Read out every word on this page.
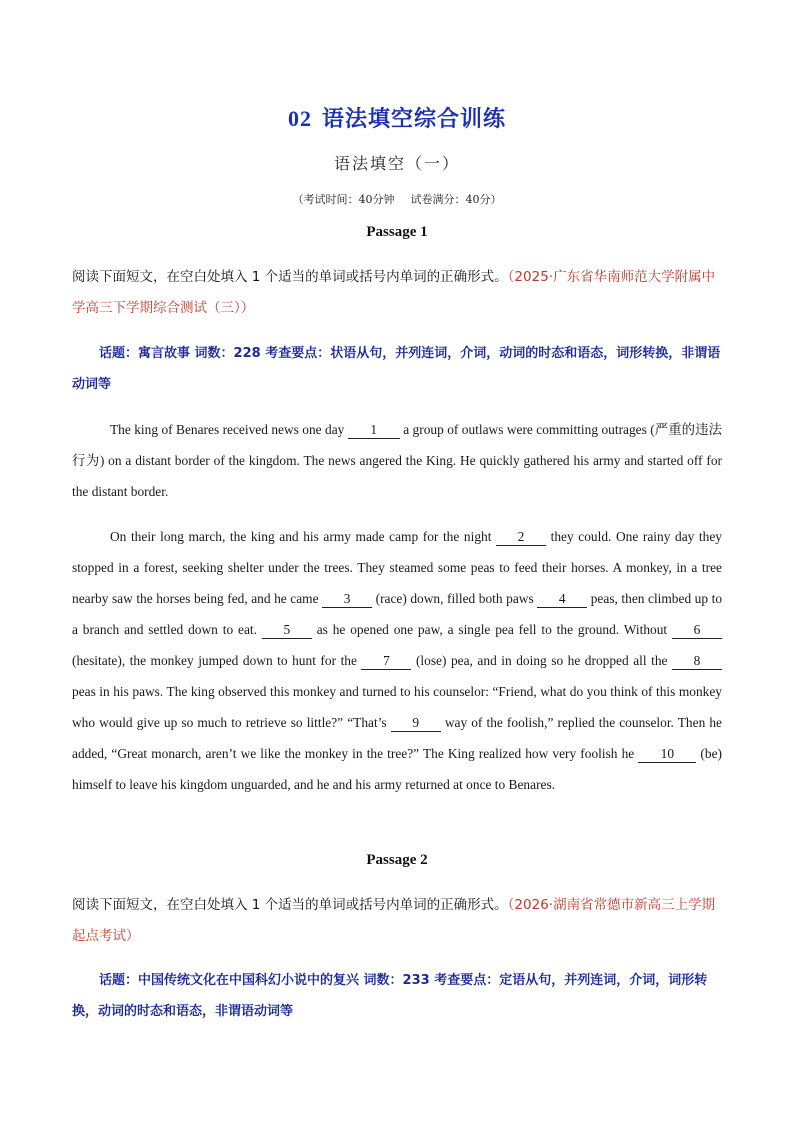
02 语法填空综合训练
语法填空（一）
（考试时间：40分钟 试卷满分：40分）
Passage 1
阅读下面短文，在空白处填入 1 个适当的单词或括号内单词的正确形式。（2025·广东省华南师范大学附属中学高三下学期综合测试（三））
话题：寓言故事 词数：228 考查要点：状语从句，并列连词，介词，动词的时态和语态，词形转换，非谓语动词等

The king of Benares received news one day 1 a group of outlaws were committing outrages (严重的违法行为) on a distant border of the kingdom. The news angered the King. He quickly gathered his army and started off for the distant border.

On their long march, the king and his army made camp for the night 2 they could. One rainy day they stopped in a forest, seeking shelter under the trees. They steamed some peas to feed their horses. A monkey, in a tree nearby saw the horses being fed, and he came 3 (race) down, filled both paws 4 peas, then climbed up to a branch and settled down to eat. 5 as he opened one paw, a single pea fell to the ground. Without 6 (hesitate), the monkey jumped down to hunt for the 7 (lose) pea, and in doing so he dropped all the 8 peas in his paws. The king observed this monkey and turned to his counselor: “Friend, what do you think of this monkey who would give up so much to retrieve so little?” “That’s 9 way of the foolish,” replied the counselor. Then he added, “Great monarch, aren’t we like the monkey in the tree?” The King realized how very foolish he 10 (be) himself to leave his kingdom unguarded, and he and his army returned at once to Benares.

Passage 2
阅读下面短文，在空白处填入 1 个适当的单词或括号内单词的正确形式。（2026·湖南省常德市新高三上学期起点考试）
话题：中国传统文化在中国科幻小说中的复兴 词数：233 考查要点：定语从句，并列连词，介词，词形转换，动词的时态和语态，非谓语动词等
